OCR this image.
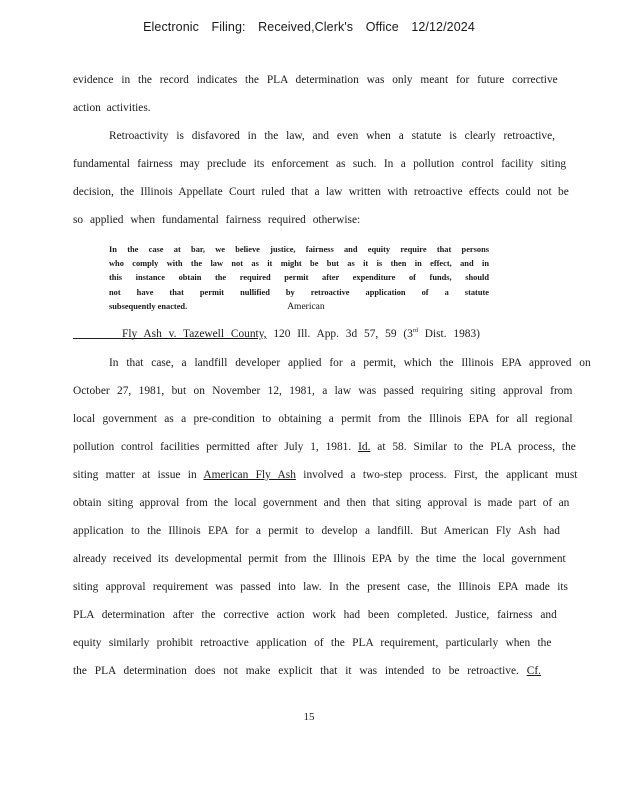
Electronic Filing: Received,Clerk's Office 12/12/2024
evidence in the record indicates the PLA determination was only meant for future corrective
action activities.
Retroactivity is disfavored in the law, and even when a statute is clearly retroactive,
fundamental fairness may preclude its enforcement as such. In a pollution control facility siting
decision, the Illinois Appellate Court ruled that a law written with retroactive effects could not be
so applied when fundamental fairness required otherwise:

In the case at bar, we believe justice, fairness and equity require that persons

who comply with the law not as it might be but as it is then in effect, and in

this instance obtain the required permit after expenditure of funds, should

not have that permit nullified by retroactive application of a statute

subsequently enacted.	American

Fly Ash v. Tazewell County, 120 Ill. App. 3d 57, 59 (3rd Dist. 1983)
In that case, a landfill developer applied for a permit, which the Illinois EPA approved on
October 27, 1981, but on November 12, 1981, a law was passed requiring siting approval from
local government as a pre-condition to obtaining a permit from the Illinois EPA for all regional
pollution control facilities permitted after July 1, 1981. Id. at 58. Similar to the PLA process, the
siting matter at issue in American Fly Ash involved a two-step process. First, the applicant must
obtain siting approval from the local government and then that siting approval is made part of an
application to the Illinois EPA for a permit to develop a landfill. But American Fly Ash had
already received its developmental permit from the Illinois EPA by the time the local government
siting approval requirement was passed into law. In the present case, the Illinois EPA made its
PLA determination after the corrective action work had been completed. Justice, fairness and
equity similarly prohibit retroactive application of the PLA requirement, particularly when the
the PLA determination does not make explicit that it was intended to be retroactive. Cf.
15
